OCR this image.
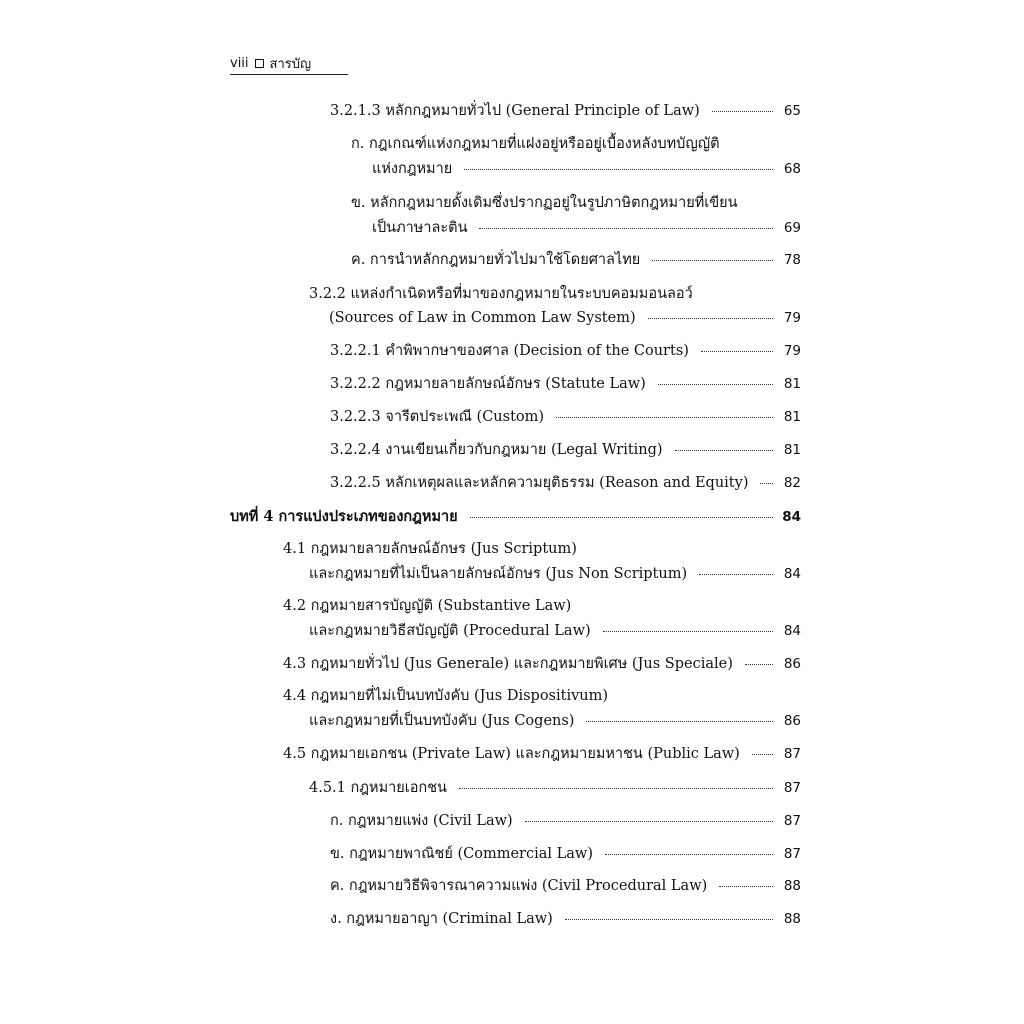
viii สารบัญ
3.2.1.3 หลักกฎหมายทั่วไป (General Principle of Law)	65
ก. กฎเกณฑ์แห่งกฎหมายที่แฝงอยู่หรืออยู่เบื้องหลังบทบัญญัติ
แห่งกฎหมาย	68
ข. หลักกฎหมายดั้งเดิมซึ่งปรากฏอยู่ในรูปภาษิตกฎหมายที่เขียน
เป็นภาษาละติน	69
ค. การนำหลักกฎหมายทั่วไปมาใช้โดยศาลไทย	78
3.2.2 แหล่งกำเนิดหรือที่มาของกฎหมายในระบบคอมมอนลอว์
(Sources of Law in Common Law System)	79
3.2.2.1 คำพิพากษาของศาล (Decision of the Courts)	79
3.2.2.2 กฎหมายลายลักษณ์อักษร (Statute Law)	81
3.2.2.3 จารีตประเพณี (Custom)	81
3.2.2.4 งานเขียนเกี่ยวกับกฎหมาย (Legal Writing)	81
3.2.2.5 หลักเหตุผลและหลักความยุติธรรม (Reason and Equity)	82
บทที่ 4 การแบ่งประเภทของกฎหมาย	84
4.1 กฎหมายลายลักษณ์อักษร (Jus Scriptum)
และกฎหมายที่ไม่เป็นลายลักษณ์อักษร (Jus Non Scriptum)	84
4.2 กฎหมายสารบัญญัติ (Substantive Law)
และกฎหมายวิธีสบัญญัติ (Procedural Law)	84
4.3 กฎหมายทั่วไป (Jus Generale) และกฎหมายพิเศษ (Jus Speciale)	86
4.4 กฎหมายที่ไม่เป็นบทบังคับ (Jus Dispositivum)
และกฎหมายที่เป็นบทบังคับ (Jus Cogens)	86
4.5 กฎหมายเอกชน (Private Law) และกฎหมายมหาชน (Public Law)	87
4.5.1 กฎหมายเอกชน	87
ก. กฎหมายแพ่ง (Civil Law)	87
ข. กฎหมายพาณิชย์ (Commercial Law)	87
ค. กฎหมายวิธีพิจารณาความแพ่ง (Civil Procedural Law)	88
ง. กฎหมายอาญา (Criminal Law)	88
